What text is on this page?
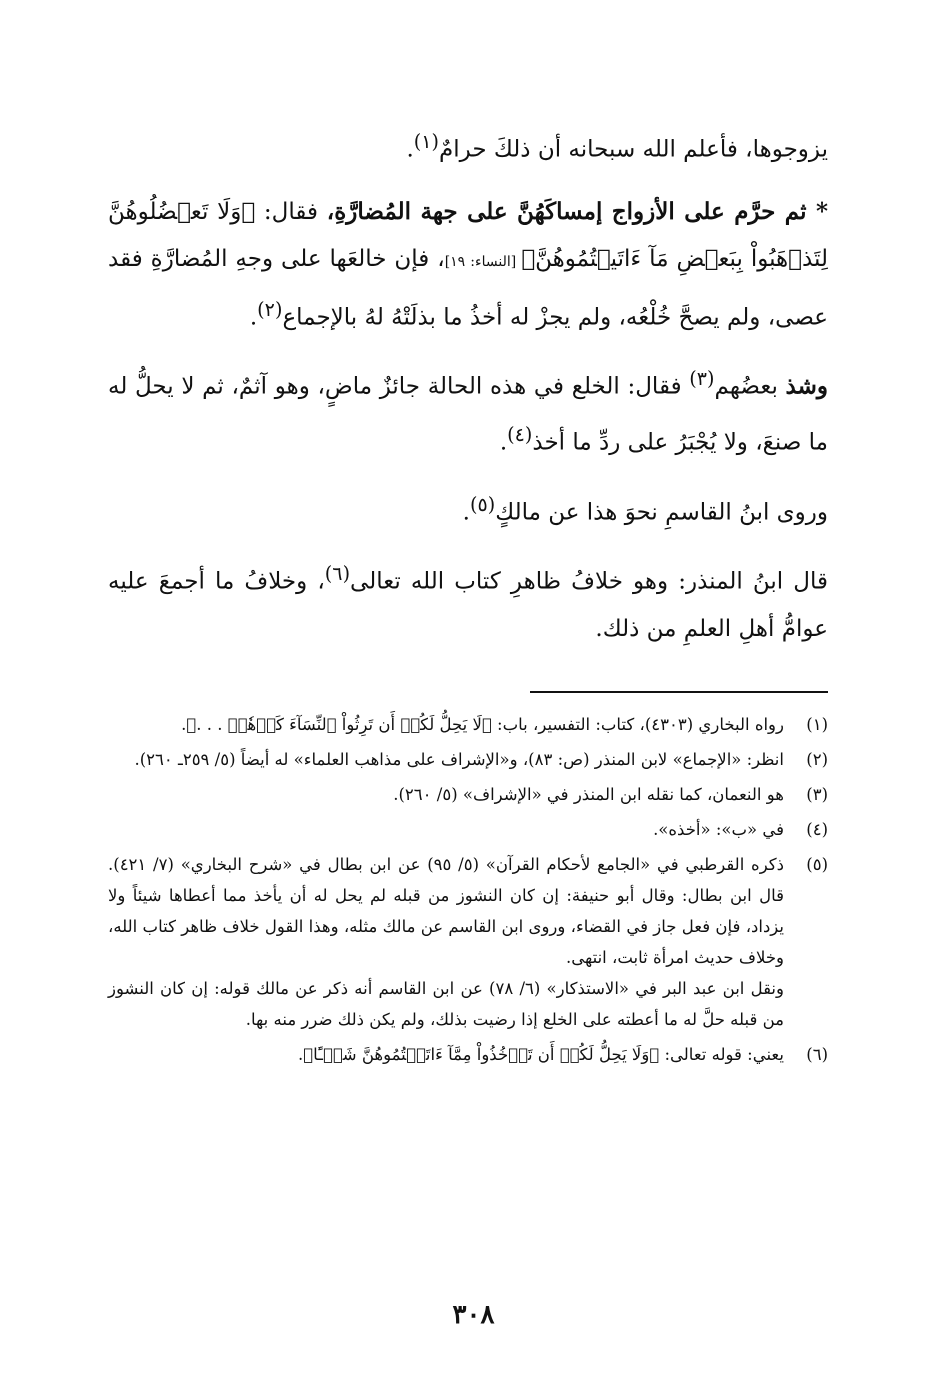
يزوجوها، فأعلم الله سبحانه أن ذلكَ حرامٌ$^{(١)}$.

* ثم حرَّم على الأزواج إمساكَهُنَّ على جهة المُضارَّةِ، فقال: ﴿وَلَا تَعۡضُلُوهُنَّ لِتَذۡهَبُواْ بِبَعۡضِ مَآ ءَاتَيۡتُمُوهُنَّ﴾ [النساء: ١٩]، فإن خالعَها على وجهِ المُضارَّةِ فقد عصى، ولم يصحَّ خُلْعُه، ولم يجزْ له أخذُ ما بذلَتْهُ لهُ بالإجماع$^{(٢)}$.

وشذ بعضُهم$^{(٣)}$ فقال: الخلع في هذه الحالة جائزٌ ماضٍ، وهو آثمٌ، ثم لا يحلُّ له ما صنعَ، ولا يُجْبَرُ على ردِّ ما أخذ$^{(٤)}$.

وروى ابنُ القاسمِ نحوَ هذا عن مالكٍ$^{(٥)}$.

قال ابنُ المنذر: وهو خلافُ ظاهرِ كتاب الله تعالى$^{(٦)}$، وخلافُ ما أجمعَ عليه عوامُّ أهلِ العلمِ من ذلك.

(١)

رواه البخاري (٤٣٠٣)، كتاب: التفسير، باب: ﴿لَا يَحِلُّ لَكُمۡ أَن تَرِثُواْ ٱلنِّسَآءَ كَرۡهٗاۖ . . .﴾.

(٢)

انظر: «الإجماع» لابن المنذر (ص: ٨٣)، و«الإشراف على مذاهب العلماء» له أيضاً (٥/ ٢٥٩ـ ٢٦٠).

(٣)

هو النعمان، كما نقله ابن المنذر في «الإشراف» (٥/ ٢٦٠).

(٤)

في «ب»: «أخذه».

(٥)

ذكره القرطبي في «الجامع لأحكام القرآن» (٥/ ٩٥) عن ابن بطال في «شرح البخاري» (٧/ ٤٢١). قال ابن بطال: وقال أبو حنيفة: إن كان النشوز من قبله لم يحل له أن يأخذ مما أعطاها شيئاً ولا يزداد، فإن فعل جاز في القضاء، وروى ابن القاسم عن مالك مثله، وهذا القول خلاف ظاهر كتاب الله، وخلاف حديث امرأة ثابت، انتهى.

ونقل ابن عبد البر في «الاستذكار» (٦/ ٧٨) عن ابن القاسم أنه ذكر عن مالك قوله: إن كان النشوز من قبله حلَّ له ما أعطته على الخلع إذا رضيت بذلك، ولم يكن ذلك ضرر منه بها.

(٦)

يعني: قوله تعالى: ﴿وَلَا يَحِلُّ لَكُمۡ أَن تَأۡخُذُواْ مِمَّآ ءَاتَيۡتُمُوهُنَّ شَيۡـًٔا﴾.

٣٠٨
